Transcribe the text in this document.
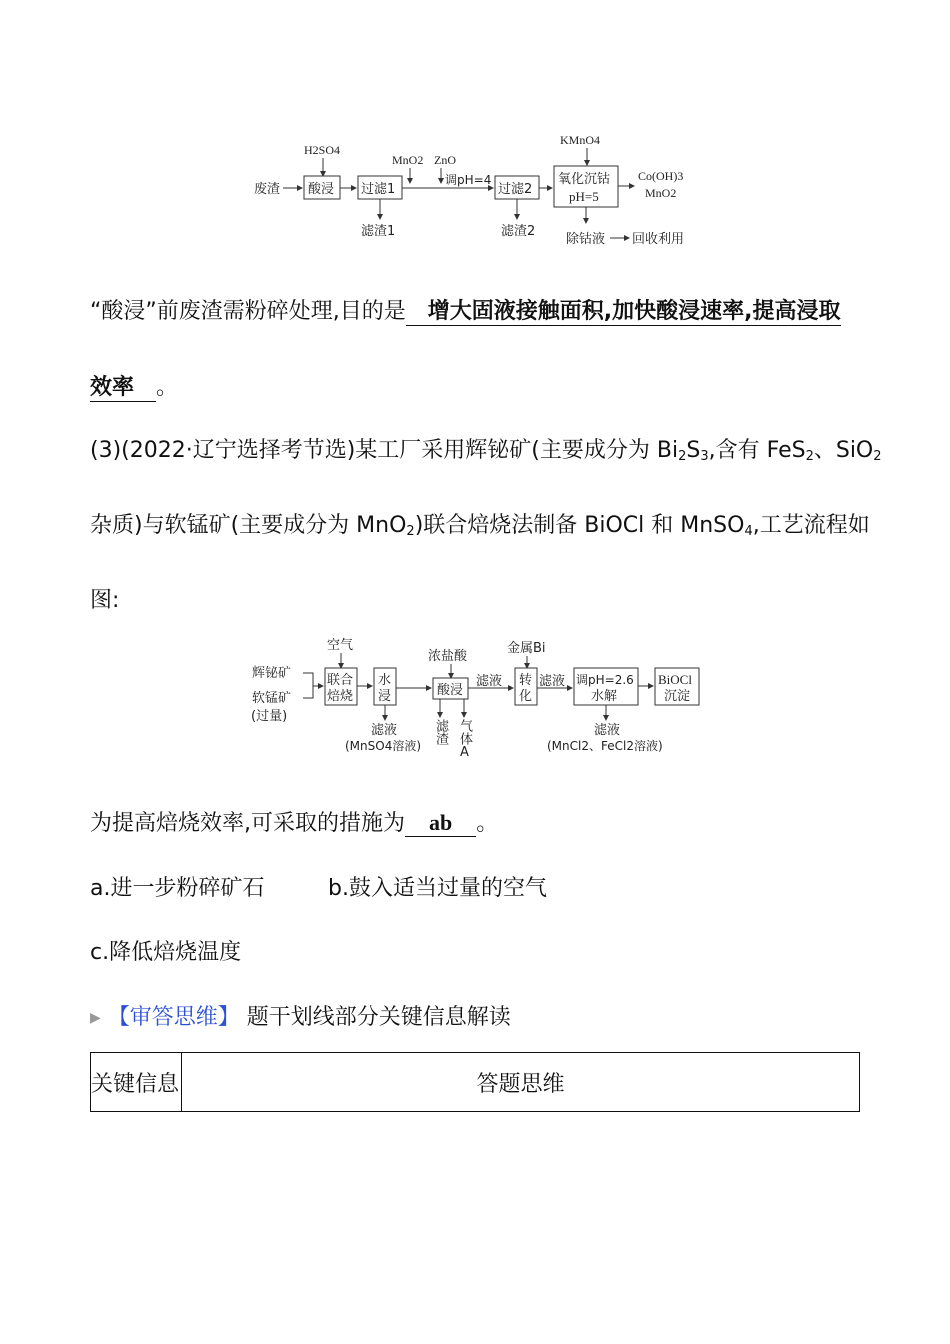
H2SO4
MnO2 ZnO
KMnO4
废渣 酸浸 过滤1
调pH=4
过滤2
氧化沉钴
pH=5
Co(OH)3
MnO2
滤渣1	滤渣2
除钴液 回收利用
“酸浸”前废渣需粉碎处理,目的是 增大固液接触面积,加快酸浸速率,提高浸取
效率 。
(3)(2022·辽宁选择考节选)某工厂采用辉铋矿(主要成分为 $Bi_2S_3$,含有 FeS$_2$、SiO$_2$
杂质)与软锰矿(主要成分为 MnO$_2$)联合焙烧法制备 BiOCl 和 MnSO$_4$,工艺流程如
图:
空气
浓盐酸
金属Bi
辉铋矿
软锰矿
(过量)
联合
焙烧
水
浸	酸浸
滤液 转
化
滤液 调pH=2.6
水解
BiOCl
沉淀
滤液
(MnSO4溶液)
滤渣 气体A	滤液
(MnCl2、FeCl2溶液)
为提高焙烧效率,可采取的措施为 ab 。
a.进一步粉碎矿石	b.鼓入适当过量的空气
c.降低焙烧温度
▶ 【审答思维】 题干划线部分关键信息解读
关键信息	答题思维
